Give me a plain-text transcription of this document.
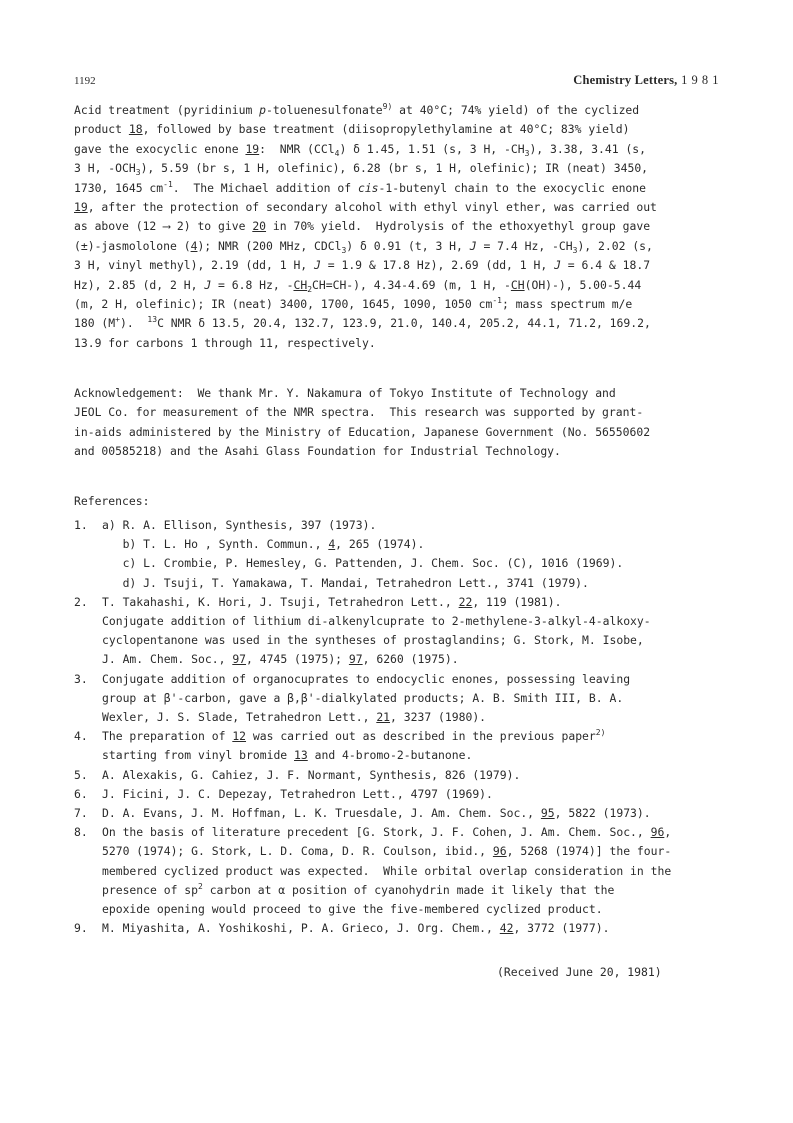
1192	Chemistry Letters, 1 9 8 1
Acid treatment (pyridinium p-toluenesulfonate$^{9)}$ at 40°C; 74% yield) of the cyclized
product 18, followed by base treatment (diisopropylethylamine at 40°C; 83% yield)
gave the exocyclic enone 19:  NMR (CCl$_4$) δ 1.45, 1.51 (s, 3 H, $-CH_3$), 3.38, 3.41 (s,
3 H, $-OCH_3$), 5.59 (br s, 1 H, olefinic), 6.28 (br s, 1 H, olefinic); IR (neat) 3450,
1730, 1645 $cm^{-1}$.  The Michael addition of cis-1-butenyl chain to the exocyclic enone
19, after the protection of secondary alcohol with ethyl vinyl ether, was carried out
as above (12 ⟶ 2) to give 20 in 70% yield.  Hydrolysis of the ethoxyethyl group gave
(±)-jasmololone (4); NMR (200 MHz, CDCl$_3$) δ 0.91 (t, 3 H, J = 7.4 Hz, $-CH_3$), 2.02 (s,
3 H, vinyl methyl), 2.19 (dd, 1 H, J = 1.9 & 17.8 Hz), 2.69 (dd, 1 H, J = 6.4 & 18.7
Hz), 2.85 (d, 2 H, J = 6.8 Hz, $-CH_2CH=CH-$), 4.34-4.69 (m, 1 H, -CH(OH)-), 5.00-5.44
(m, 2 H, olefinic); IR (neat) 3400, 1700, 1645, 1090, 1050 $cm^{-1}$; mass spectrum m/e
180 (M+).  $^{13}$C NMR δ 13.5, 20.4, 132.7, 123.9, 21.0, 140.4, 205.2, 44.1, 71.2, 169.2,
13.9 for carbons 1 through 11, respectively.
Acknowledgement:  We thank Mr. Y. Nakamura of Tokyo Institute of Technology and
JEOL Co. for measurement of the NMR spectra.  This research was supported by grant-
in-aids administered by the Ministry of Education, Japanese Government (No. 56550602
and 00585218) and the Asahi Glass Foundation for Industrial Technology.
References:
1.	a) R. A. Ellison, Synthesis, 397 (1973).
b) T. L. Ho , Synth. Commun., 4, 265 (1974).
c) L. Crombie, P. Hemesley, G. Pattenden, J. Chem. Soc. (C), 1016 (1969).
d) J. Tsuji, T. Yamakawa, T. Mandai, Tetrahedron Lett., 3741 (1979).
2.	T. Takahashi, K. Hori, J. Tsuji, Tetrahedron Lett., 22, 119 (1981).
Conjugate addition of lithium di-alkenylcuprate to 2-methylene-3-alkyl-4-alkoxy-
cyclopentanone was used in the syntheses of prostaglandins; G. Stork, M. Isobe,
J. Am. Chem. Soc., 97, 4745 (1975); 97, 6260 (1975).
3.	Conjugate addition of organocuprates to endocyclic enones, possessing leaving
group at β'-carbon, gave a β,β'-dialkylated products; A. B. Smith III, B. A.
Wexler, J. S. Slade, Tetrahedron Lett., 21, 3237 (1980).
4.	The preparation of 12 was carried out as described in the previous paper$^{2)}$
starting from vinyl bromide 13 and 4-bromo-2-butanone.
5.	A. Alexakis, G. Cahiez, J. F. Normant, Synthesis, 826 (1979).
6.	J. Ficini, J. C. Depezay, Tetrahedron Lett., 4797 (1969).
7.	D. A. Evans, J. M. Hoffman, L. K. Truesdale, J. Am. Chem. Soc., 95, 5822 (1973).
8.	On the basis of literature precedent [G. Stork, J. F. Cohen, J. Am. Chem. Soc., 96,
5270 (1974); G. Stork, L. D. Coma, D. R. Coulson, ibid., 96, 5268 (1974)] the four-
membered cyclized product was expected.  While orbital overlap consideration in the
presence of $sp^2$ carbon at α position of cyanohydrin made it likely that the
epoxide opening would proceed to give the five-membered cyclized product.
9.	M. Miyashita, A. Yoshikoshi, P. A. Grieco, J. Org. Chem., 42, 3772 (1977).
(Received June 20, 1981)
